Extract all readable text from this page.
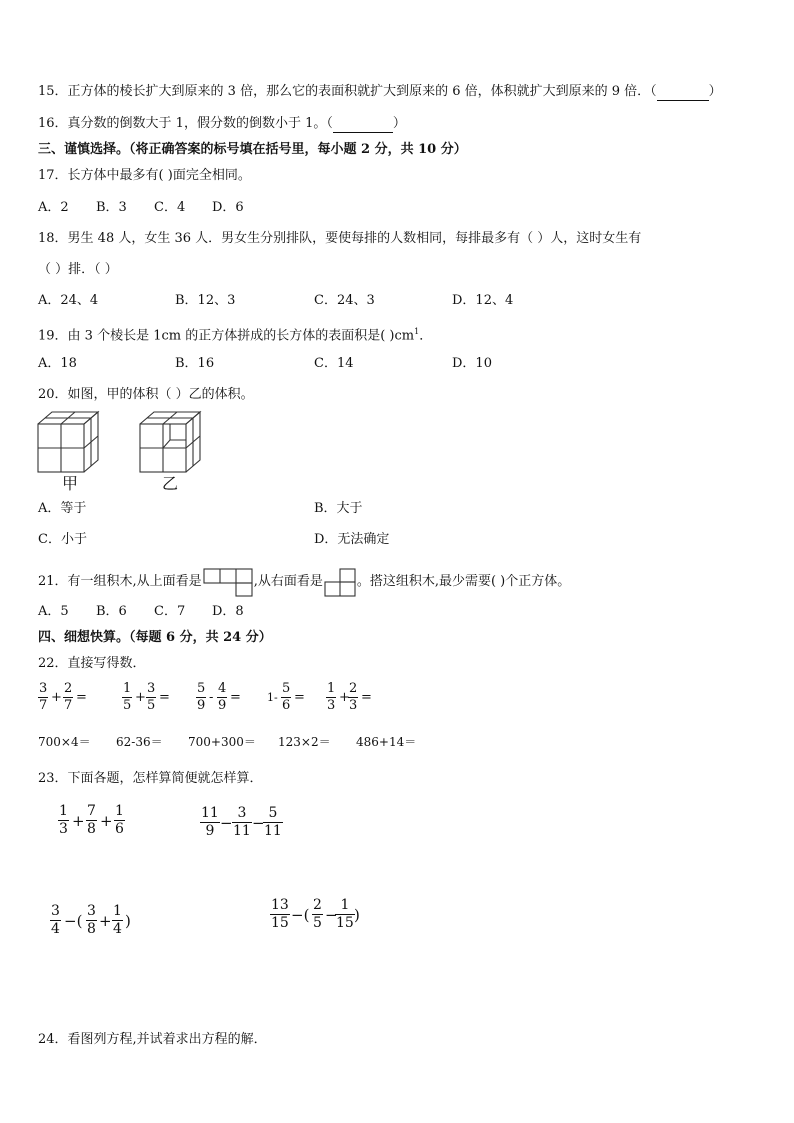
15．正方体的棱长扩大到原来的 3 倍，那么它的表面积就扩大到原来的 6 倍，体积就扩大到原来的 9 倍．（	）
16．真分数的倒数大于 1，假分数的倒数小于 1。（	）
三、谨慎选择。（将正确答案的标号填在括号里，每小题 2 分，共 10 分）
17．长方体中最多有( )面完全相同。
A．2 B．3 C．4 D．6
18．男生 48 人，女生 36 人．男女生分别排队，要使每排的人数相同，每排最多有（ ）人，这时女生有
（ ）排．（ ）
A．24、4	B．12、3	C．24、3	D．12、4
19．由 3 个棱长是 1cm 的正方体拼成的长方体的表面积是( )$cm^1$．
A．18	B．16	C．14	D．10
20．如图，甲的体积（ ）乙的体积。
甲	乙
A．等于	B．大于
C．小于	D．无法确定
21．有一组积木,从上面看是	,从右面看是	。搭这组积木,最少需要( )个正方体。
A．5 B．6 C．7 D．8
四、细想快算。（每题 6 分，共 24 分）
22．直接写得数．
3
7
+
2
7
=
1
5
+
3
5
=
5
9
-
4
9
= 1-
5
6
=
1
3
+
2
3
=
700×4＝ 62-36＝ 700+300＝ 123×2＝ 486+14＝
23．下面各题，怎样算简便就怎样算．
1
3 +
7
8 +
1
6
11
9 −
3
11 −
5
11
3
4 −(
3
8 +
1
4 )
13
15 −(
2
5 −
1
15 )
24．看图列方程,并试着求出方程的解．
